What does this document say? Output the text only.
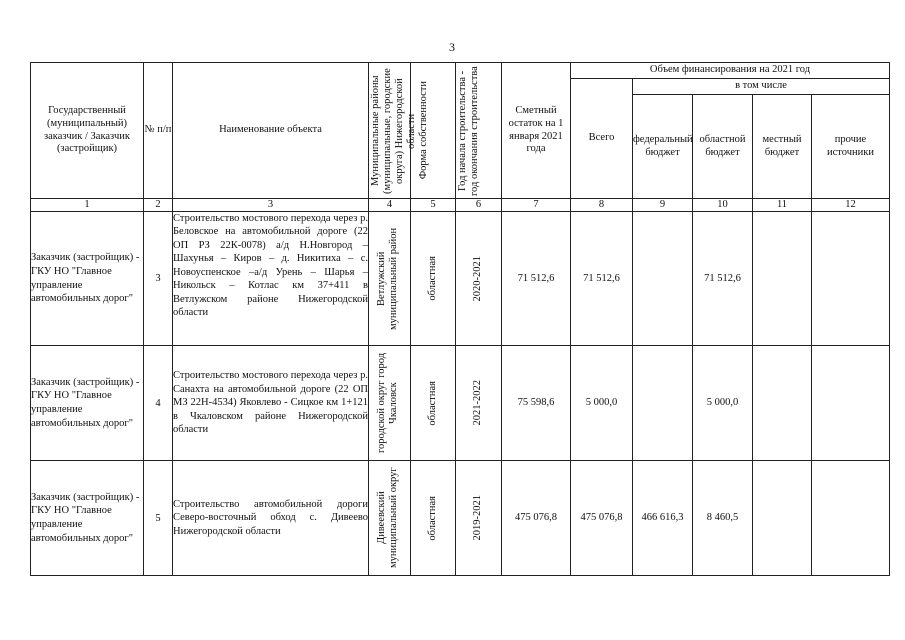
3
Государственный (муниципальный) заказчик / Заказчик (застройщик)	№ п/п	Наименование объекта	Муниципальные районы (муниципальные, городские округа) Нижегородской области	Форма собственности	Год начала строительства - год окончания строительства	Сметный остаток на 1 января 2021 года	Объем финансирования на 2021 год				
							Всего	в том числе			
								федеральный бюджет	областной бюджет	местный бюджет	прочие источники
1	2	3	4	5	6	7	8	9	10	11	12
Заказчик (застройщик) - ГКУ НО "Главное управление автомобильных дорог"	3	Строительство мостового перехода через р. Беловское на автомобильной дороге (22 ОП РЗ 22К-0078) а/д Н.Новгород – Шахунья – Киров – д. Никитиха – с. Новоуспенское –а/д Урень – Шарья – Никольск – Котлас км 37+411 в Ветлужском районе Нижегородской области	Ветлужский муниципальный район	областная	2020-2021	71 512,6	71 512,6		71 512,6		
Заказчик (застройщик) - ГКУ НО "Главное управление автомобильных дорог"	4	Строительство мостового перехода через р. Санахта на автомобильной дороге (22 ОП МЗ 22Н-4534) Яковлево - Сицкое км 1+121 в Чкаловском районе Нижегородской области	городской округ город Чкаловск	областная	2021-2022	75 598,6	5 000,0		5 000,0		
Заказчик (застройщик) - ГКУ НО "Главное управление автомобильных дорог"	5	Строительство автомобильной дороги Северо-восточный обход с. Дивеево Нижегородской области	Дивеевский муниципальный округ	областная	2019-2021	475 076,8	475 076,8	466 616,3	8 460,5		
